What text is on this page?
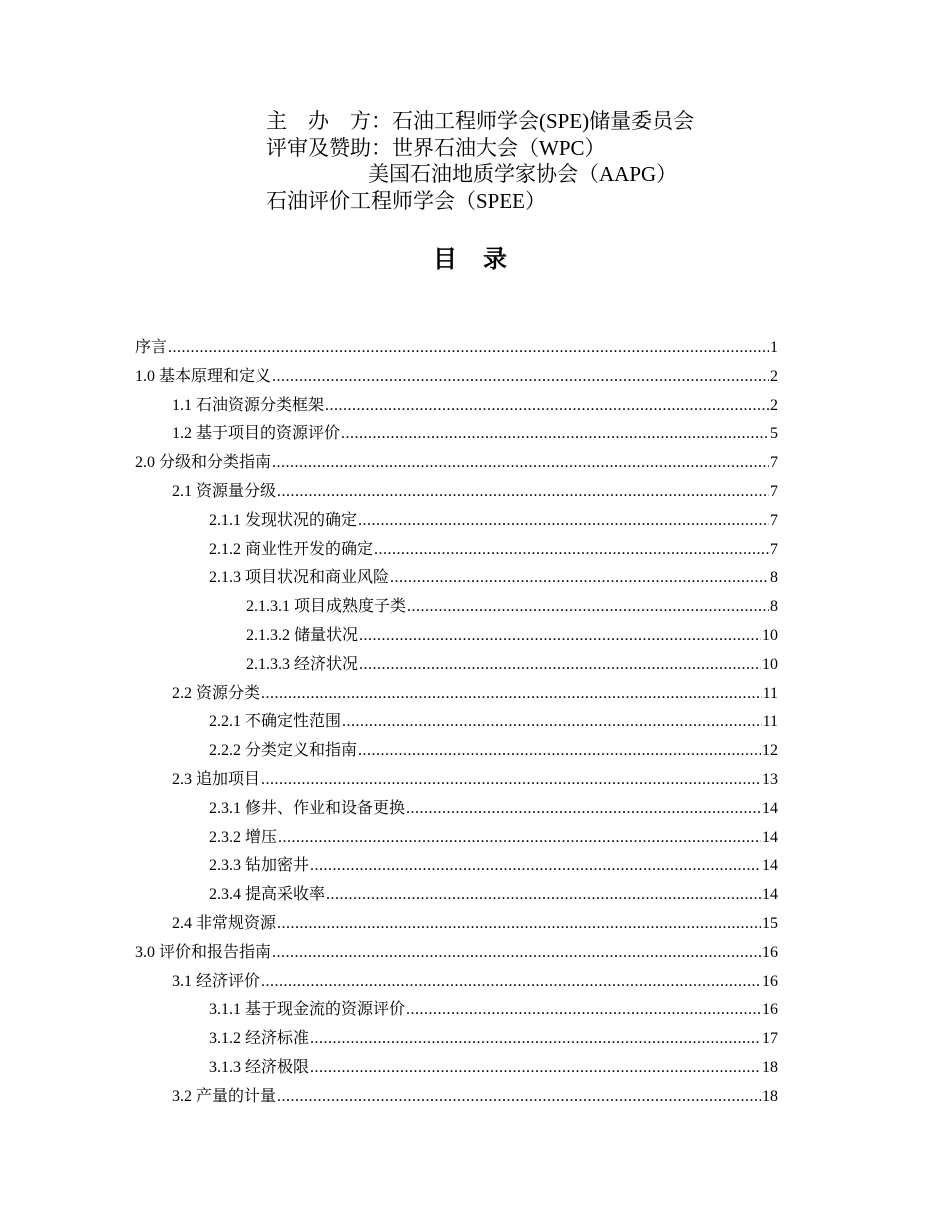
主　办　方：石油工程师学会(SPE)储量委员会
评审及赞助：世界石油大会（WPC）
美国石油地质学家协会（AAPG）
石油评价工程师学会（SPEE）
目 录
序言 .....	1
1.0 基本原理和定义 .....	2
1.1 石油资源分类框架 .....	2
1.2 基于项目的资源评价 .....	5
2.0 分级和分类指南 .....	7
2.1 资源量分级 .....	7
2.1.1 发现状况的确定 .....	7
2.1.2 商业性开发的确定 .....	7
2.1.3 项目状况和商业风险 .....	8
2.1.3.1 项目成熟度子类 .....	8
2.1.3.2 储量状况 .....	10
2.1.3.3 经济状况 .....	10
2.2 资源分类 .....	11
2.2.1 不确定性范围 .....	11
2.2.2 分类定义和指南 .....	12
2.3 追加项目 .....	13
2.3.1 修井、作业和设备更换 .....	14
2.3.2 增压 .....	14
2.3.3 钻加密井 .....	14
2.3.4 提高采收率 .....	14
2.4 非常规资源 .....	15
3.0 评价和报告指南 .....	16
3.1 经济评价 .....	16
3.1.1 基于现金流的资源评价 .....	16
3.1.2 经济标准 .....	17
3.1.3 经济极限 .....	18
3.2 产量的计量 .....	18
